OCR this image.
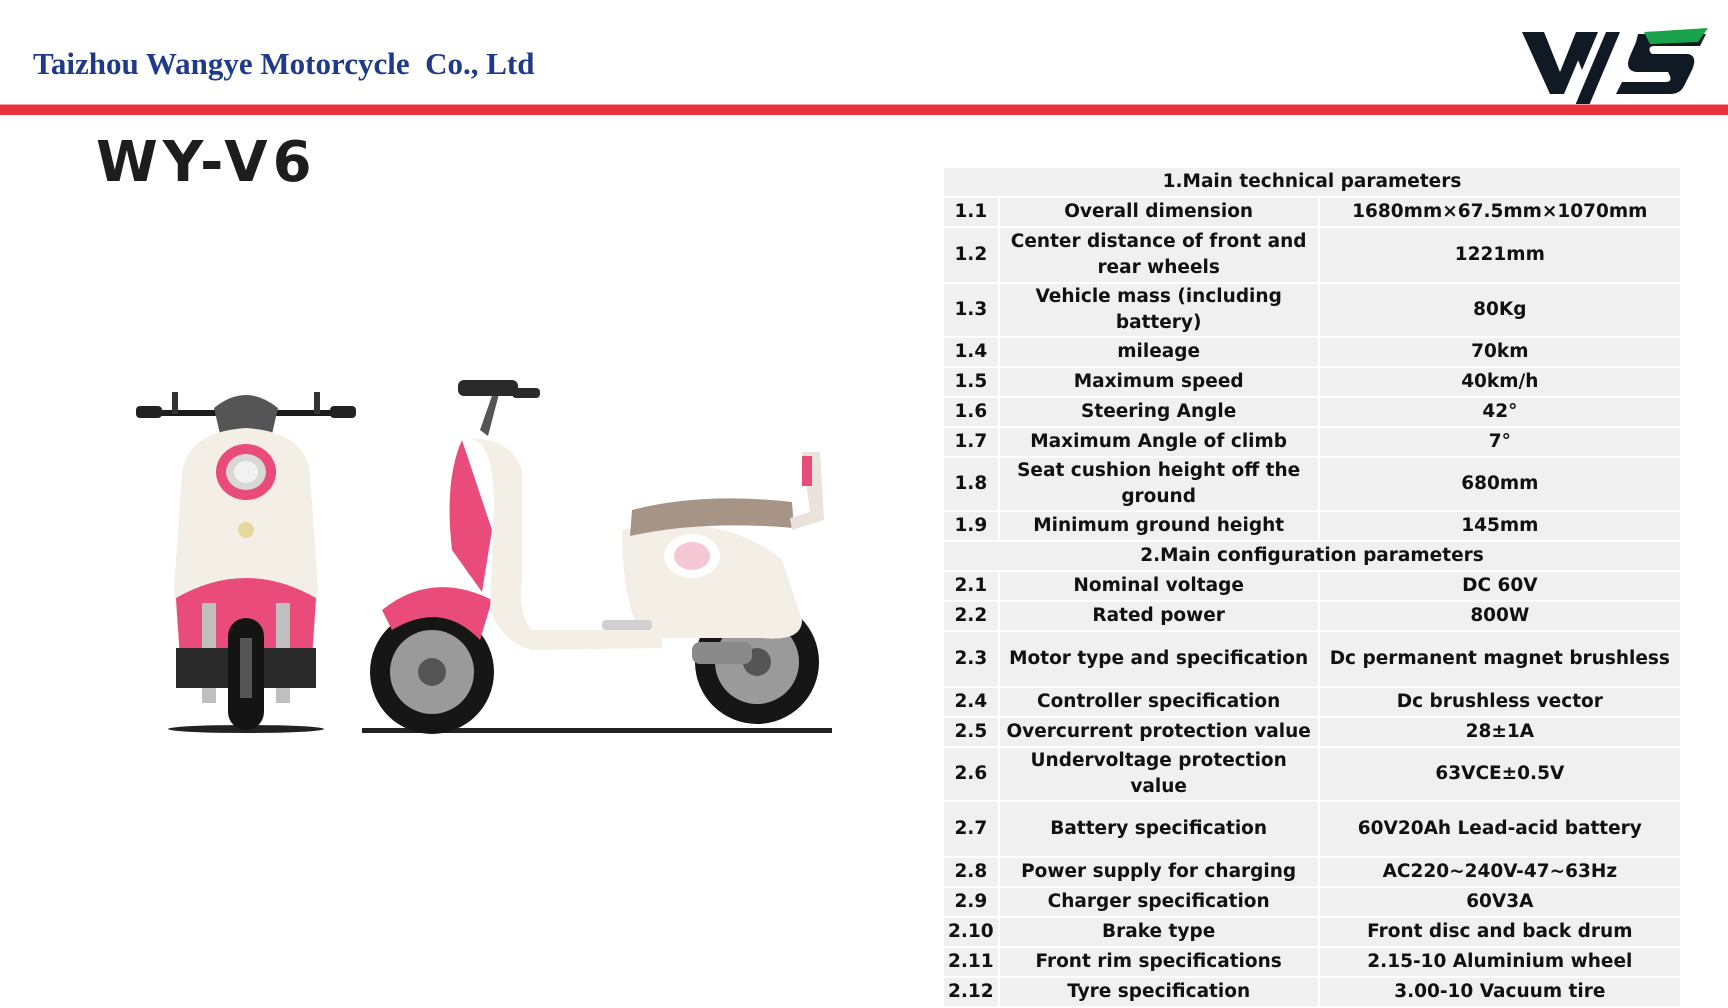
Taizhou Wangye Motorcycle  Co., Ltd
WY-V6	1.Main technical parameters		
1.1	Overall dimension	1680mm×67.5mm×1070mm
1.2	Center distance of front and rear wheels	1221mm
1.3	Vehicle mass (including battery)	80Kg
1.4	mileage	70km
1.5	Maximum speed	40km/h
1.6	Steering Angle	42°
1.7	Maximum Angle of climb	7°
1.8	Seat cushion height off the ground	680mm
1.9	Minimum ground height	145mm
2.Main configuration parameters		
2.1	Nominal voltage	DC 60V
2.2	Rated power	800W
2.3	Motor type and specification	Dc permanent magnet brushless
2.4	Controller specification	Dc brushless vector
2.5	Overcurrent protection value	28±1A
2.6	Undervoltage protection value	63VCE±0.5V
2.7	Battery specification	60V20Ah Lead-acid battery
2.8	Power supply for charging	AC220~240V-47~63Hz
2.9	Charger specification	60V3A
2.10	Brake type	Front disc and back drum
2.11	Front rim specifications	2.15-10 Aluminium wheel
2.12	Tyre specification	3.00-10 Vacuum tire
